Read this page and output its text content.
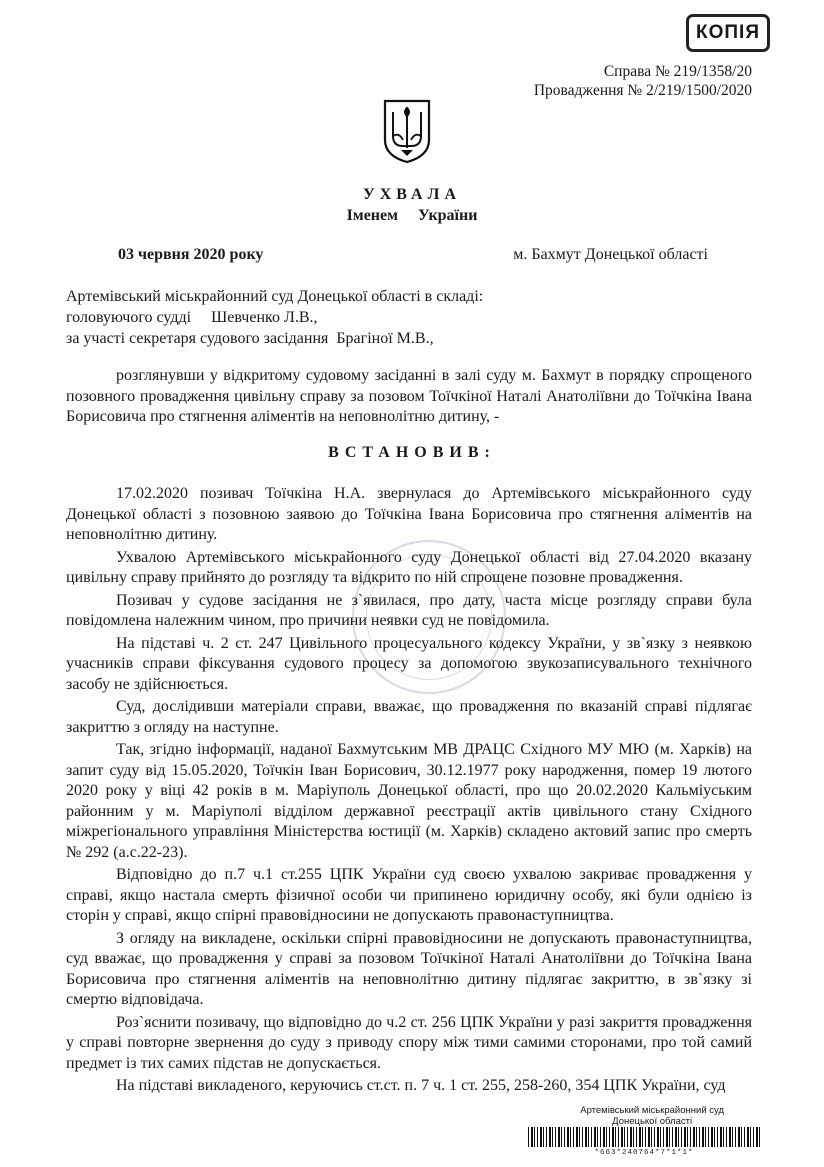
КОПІЯ
Справа № 219/1358/20
Провадження № 2/219/1500/2020
УХВАЛА
Іменем України
03 червня 2020 року	м. Бахмут Донецької області
Артемівський міськрайонний суд Донецької області в складі:
головуючого судді     Шевченко Л.В.,
за участі секретаря судового засідання  Брагіної М.В.,

розглянувши у відкритому судовому засіданні в залі суду м. Бахмут в порядку спрощеного позовного провадження цивільну справу за позовом Тоїчкіної Наталі Анатоліївни до Тоїчкіна Івана Борисовича про стягнення аліментів на неповнолітню дитину, -

ВСТАНОВИВ:

17.02.2020 позивач Тоїчкіна Н.А. звернулася до Артемівського міськрайонного суду Донецької області з позовною заявою до Тоїчкіна Івана Борисовича про стягнення аліментів на неповнолітню дитину.

Ухвалою Артемівського міськрайонного суду Донецької області від 27.04.2020 вказану цивільну справу прийнято до розгляду та відкрито по ній спрощене позовне провадження.

Позивач у судове засідання не з`явилася, про дату, часта місце розгляду справи була повідомлена належним чином, про причини неявки суд не повідомила.

На підставі ч. 2 ст. 247 Цивільного процесуального кодексу України, у зв`язку з неявкою учасників справи фіксування судового процесу за допомогою звукозаписувального технічного засобу не здійснюється.

Суд, дослідивши матеріали справи, вважає, що провадження по вказаній справі підлягає закриттю з огляду на наступне.

Так, згідно інформації, наданої Бахмутським МВ ДРАЦС Східного МУ МЮ (м. Харків) на запит суду від 15.05.2020, Тоїчкін Іван Борисович, 30.12.1977 року народження, помер 19 лютого 2020 року у віці 42 років в м. Маріуполь Донецької області, про що 20.02.2020 Кальміуським районним у м. Маріуполі відділом державної реєстрації актів цивільного стану Східного міжрегіонального управління Міністерства юстиції (м. Харків) складено актовий запис про смерть № 292 (а.с.22-23).

Відповідно до п.7 ч.1 ст.255 ЦПК України суд своєю ухвалою закриває провадження у справі, якщо настала смерть фізичної особи чи припинено юридичну особу, які були однією із сторін у справі, якщо спірні правовідносини не допускають правонаступництва.

З огляду на викладене, оскільки спірні правовідносини не допускають правонаступництва, суд вважає, що провадження у справі за позовом Тоїчкіної Наталі Анатоліївни до Тоїчкіна Івана Борисовича про стягнення аліментів на неповнолітню дитину підлягає закриттю, в зв`язку зі смертю відповідача.

Роз`яснити позивачу, що відповідно до ч.2 ст. 256 ЦПК України у разі закриття провадження у справі повторне звернення до суду з приводу спору між тими самими сторонами, про той самий предмет із тих самих підстав не допускається.

На підставі викладеного, керуючись ст.ст. п. 7 ч. 1 ст. 255, 258-260, 354 ЦПК України, суд

Артемівський міськрайонний суд
Донецької області
*663*240764*7*1*1*
